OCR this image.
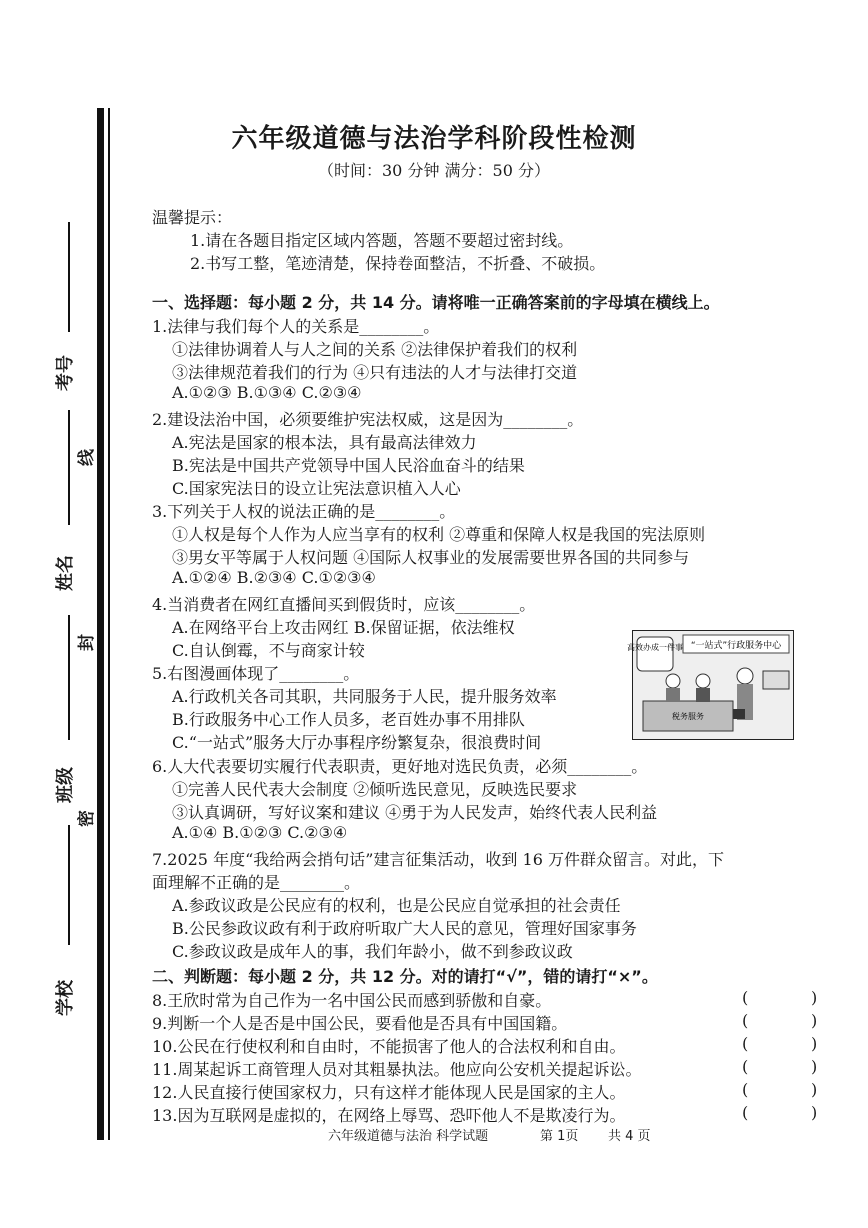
考号
姓名
班级
学校
线
封
密
六年级道德与法治学科阶段性检测
（时间：30 分钟 满分：50 分）
温馨提示：
1.请在各题目指定区域内答题，答题不要超过密封线。
2.书写工整，笔迹清楚，保持卷面整洁，不折叠、不破损。
一、选择题：每小题 2 分，共 14 分。请将唯一正确答案前的字母填在横线上。
1.法律与我们每个人的关系是________。
①法律协调着人与人之间的关系 ②法律保护着我们的权利
③法律规范着我们的行为 ④只有违法的人才与法律打交道
A.①②③ B.①③④ C.②③④
2.建设法治中国，必须要维护宪法权威，这是因为________。
A.宪法是国家的根本法，具有最高法律效力
B.宪法是中国共产党领导中国人民浴血奋斗的结果
C.国家宪法日的设立让宪法意识植入人心
3.下列关于人权的说法正确的是________。
①人权是每个人作为人应当享有的权利 ②尊重和保障人权是我国的宪法原则
③男女平等属于人权问题 ④国际人权事业的发展需要世界各国的共同参与
A.①②④ B.②③④ C.①②③④
4.当消费者在网红直播间买到假货时，应该________。
A.在网络平台上攻击网红 B.保留证据，依法维权
C.自认倒霉，不与商家计较
5.右图漫画体现了________。
A.行政机关各司其职，共同服务于人民，提升服务效率
B.行政服务中心工作人员多，老百姓办事不用排队
C.“一站式”服务大厅办事程序纷繁复杂，很浪费时间
6.人大代表要切实履行代表职责，更好地对选民负责，必须________。
①完善人民代表大会制度 ②倾听选民意见，反映选民要求
③认真调研，写好议案和建议 ④勇于为人民发声，始终代表人民利益
A.①④ B.①②③ C.②③④
7.2025 年度“我给两会捎句话”建言征集活动，收到 16 万件群众留言。对此，下
面理解不正确的是________。
A.参政议政是公民应有的权利，也是公民应自觉承担的社会责任
B.公民参政议政有利于政府听取广大人民的意见，管理好国家事务
C.参政议政是成年人的事，我们年龄小，做不到参政议政
“一站式”行政服务中心
高效办成一件事
税务服务
二、判断题：每小题 2 分，共 12 分。对的请打“√”，错的请打“×”。
8.王欣时常为自己作为一名中国公民而感到骄傲和自豪。	(	)
9.判断一个人是否是中国公民，要看他是否具有中国国籍。	(	)
10.公民在行使权利和自由时，不能损害了他人的合法权利和自由。	(	)
11.周某起诉工商管理人员对其粗暴执法。他应向公安机关提起诉讼。	(	)
12.人民直接行使国家权力，只有这样才能体现人民是国家的主人。	(	)
13.因为互联网是虚拟的，在网络上辱骂、恐吓他人不是欺凌行为。	(	)
六年级道德与法治 科学试题	第 1页 共 4 页
